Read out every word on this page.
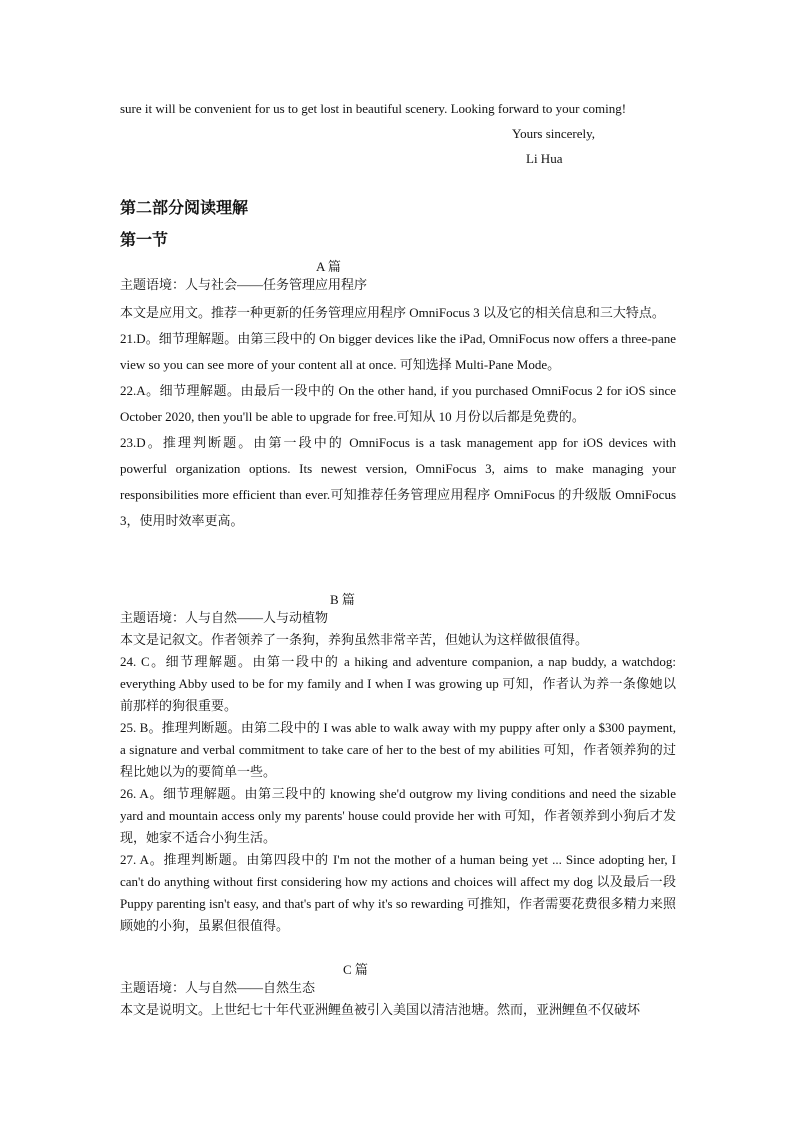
sure it will be convenient for us to get lost in beautiful scenery. Looking forward to your coming!

Yours sincerely,

Li Hua

第二部分阅读理解

第一节

A 篇

主题语境：人与社会——任务管理应用程序

本文是应用文。推荐一种更新的任务管理应用程序 OmniFocus 3 以及它的相关信息和三大特点。
21.D。细节理解题。由第三段中的 On bigger devices like the iPad, OmniFocus now offers a three-pane view so you can see more of your content all at once. 可知选择 Multi-Pane Mode。
22.A。细节理解题。由最后一段中的 On the other hand, if you purchased OmniFocus 2 for iOS since October 2020, then you'll be able to upgrade for free.可知从 10 月份以后都是免费的。
23.D。推理判断题。由第一段中的 OmniFocus is a task management app for iOS devices with powerful organization options. Its newest version, OmniFocus 3, aims to make managing your responsibilities more efficient than ever.可知推荐任务管理应用程序 OmniFocus 的升级版 OmniFocus 3，使用时效率更高。

B 篇

主题语境：人与自然——人与动植物
本文是记叙文。作者领养了一条狗，养狗虽然非常辛苦，但她认为这样做很值得。
24. C。细节理解题。由第一段中的 a hiking and adventure companion, a nap buddy, a watchdog: everything Abby used to be for my family and I when I was growing up 可知，作者认为养一条像她以前那样的狗很重要。
25. B。推理判断题。由第二段中的 I was able to walk away with my puppy after only a $300 payment, a signature and verbal commitment to take care of her to the best of my abilities 可知，作者领养狗的过程比她以为的要简单一些。
26. A。细节理解题。由第三段中的 knowing she'd outgrow my living conditions and need the sizable yard and mountain access only my parents' house could provide her with 可知，作者领养到小狗后才发现，她家不适合小狗生活。
27. A。推理判断题。由第四段中的 I'm not the mother of a human being yet ... Since adopting her, I can't do anything without first considering how my actions and choices will affect my dog 以及最后一段 Puppy parenting isn't easy, and that's part of why it's so rewarding 可推知，作者需要花费很多精力来照顾她的小狗，虽累但很值得。

C 篇

主题语境：人与自然——自然生态
本文是说明文。上世纪七十年代亚洲鲤鱼被引入美国以清洁池塘。然而，亚洲鲤鱼不仅破坏
